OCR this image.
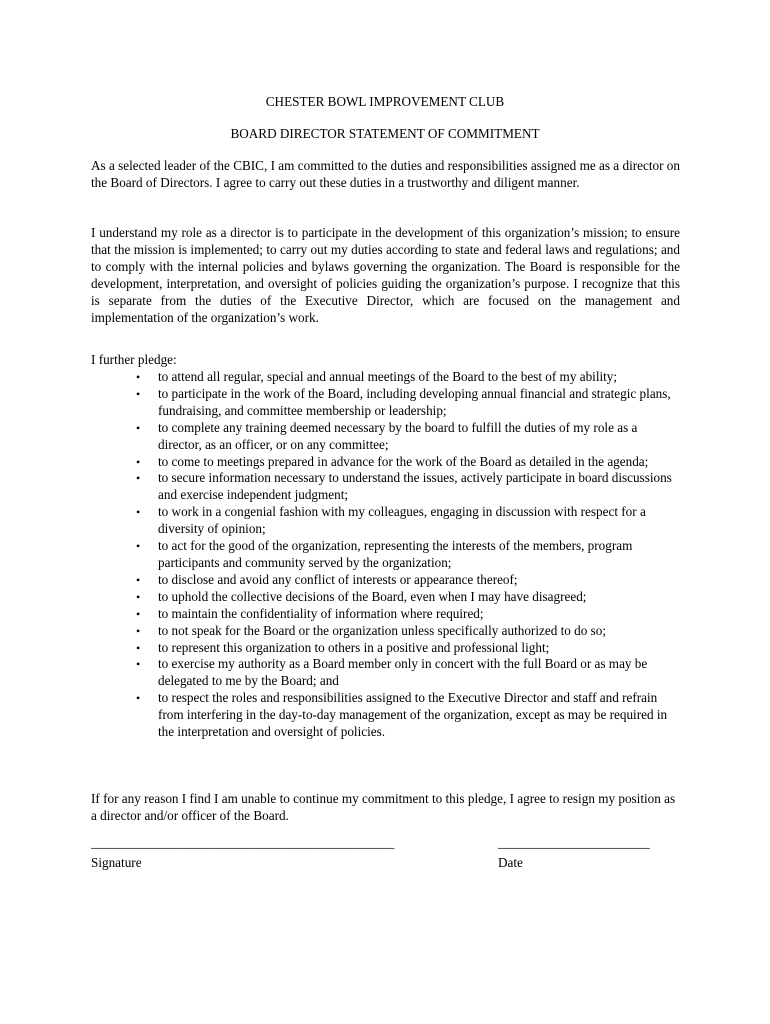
CHESTER BOWL IMPROVEMENT CLUB
BOARD DIRECTOR STATEMENT OF COMMITMENT

As a selected leader of the CBIC, I am committed to the duties and responsibilities assigned me as a director on the Board of Directors. I agree to carry out these duties in a trustworthy and diligent manner.

I understand my role as a director is to participate in the development of this organization’s mission; to ensure that the mission is implemented; to carry out my duties according to state and federal laws and regulations; and to comply with the internal policies and bylaws governing the organization. The Board is responsible for the development, interpretation, and oversight of policies guiding the organization’s purpose. I recognize that this is separate from the duties of the Executive Director, which are focused on the management and implementation of the organization’s work.

I further pledge:

• to attend all regular, special and annual meetings of the Board to the best of my ability;
• to participate in the work of the Board, including developing annual financial and strategic plans, fundraising, and committee membership or leadership;
• to complete any training deemed necessary by the board to fulfill the duties of my role as a director, as an officer, or on any committee;
• to come to meetings prepared in advance for the work of the Board as detailed in the agenda;
• to secure information necessary to understand the issues, actively participate in board discussions and exercise independent judgment;
• to work in a congenial fashion with my colleagues, engaging in discussion with respect for a diversity of opinion;
• to act for the good of the organization, representing the interests of the members, program participants and community served by the organization;
• to disclose and avoid any conflict of interests or appearance thereof;
• to uphold the collective decisions of the Board, even when I may have disagreed;
• to maintain the confidentiality of information where required;
• to not speak for the Board or the organization unless specifically authorized to do so;
• to represent this organization to others in a positive and professional light;
• to exercise my authority as a Board member only in concert with the full Board or as may be delegated to me by the Board; and
• to respect the roles and responsibilities assigned to the Executive Director and staff and refrain from interfering in the day-to-day management of the organization, except as may be required in the interpretation and oversight of policies.

If for any reason I find I am unable to continue my commitment to this pledge, I agree to resign my position as a director and/or officer of the Board.

______________________________________________	_______________________
Signature	Date
